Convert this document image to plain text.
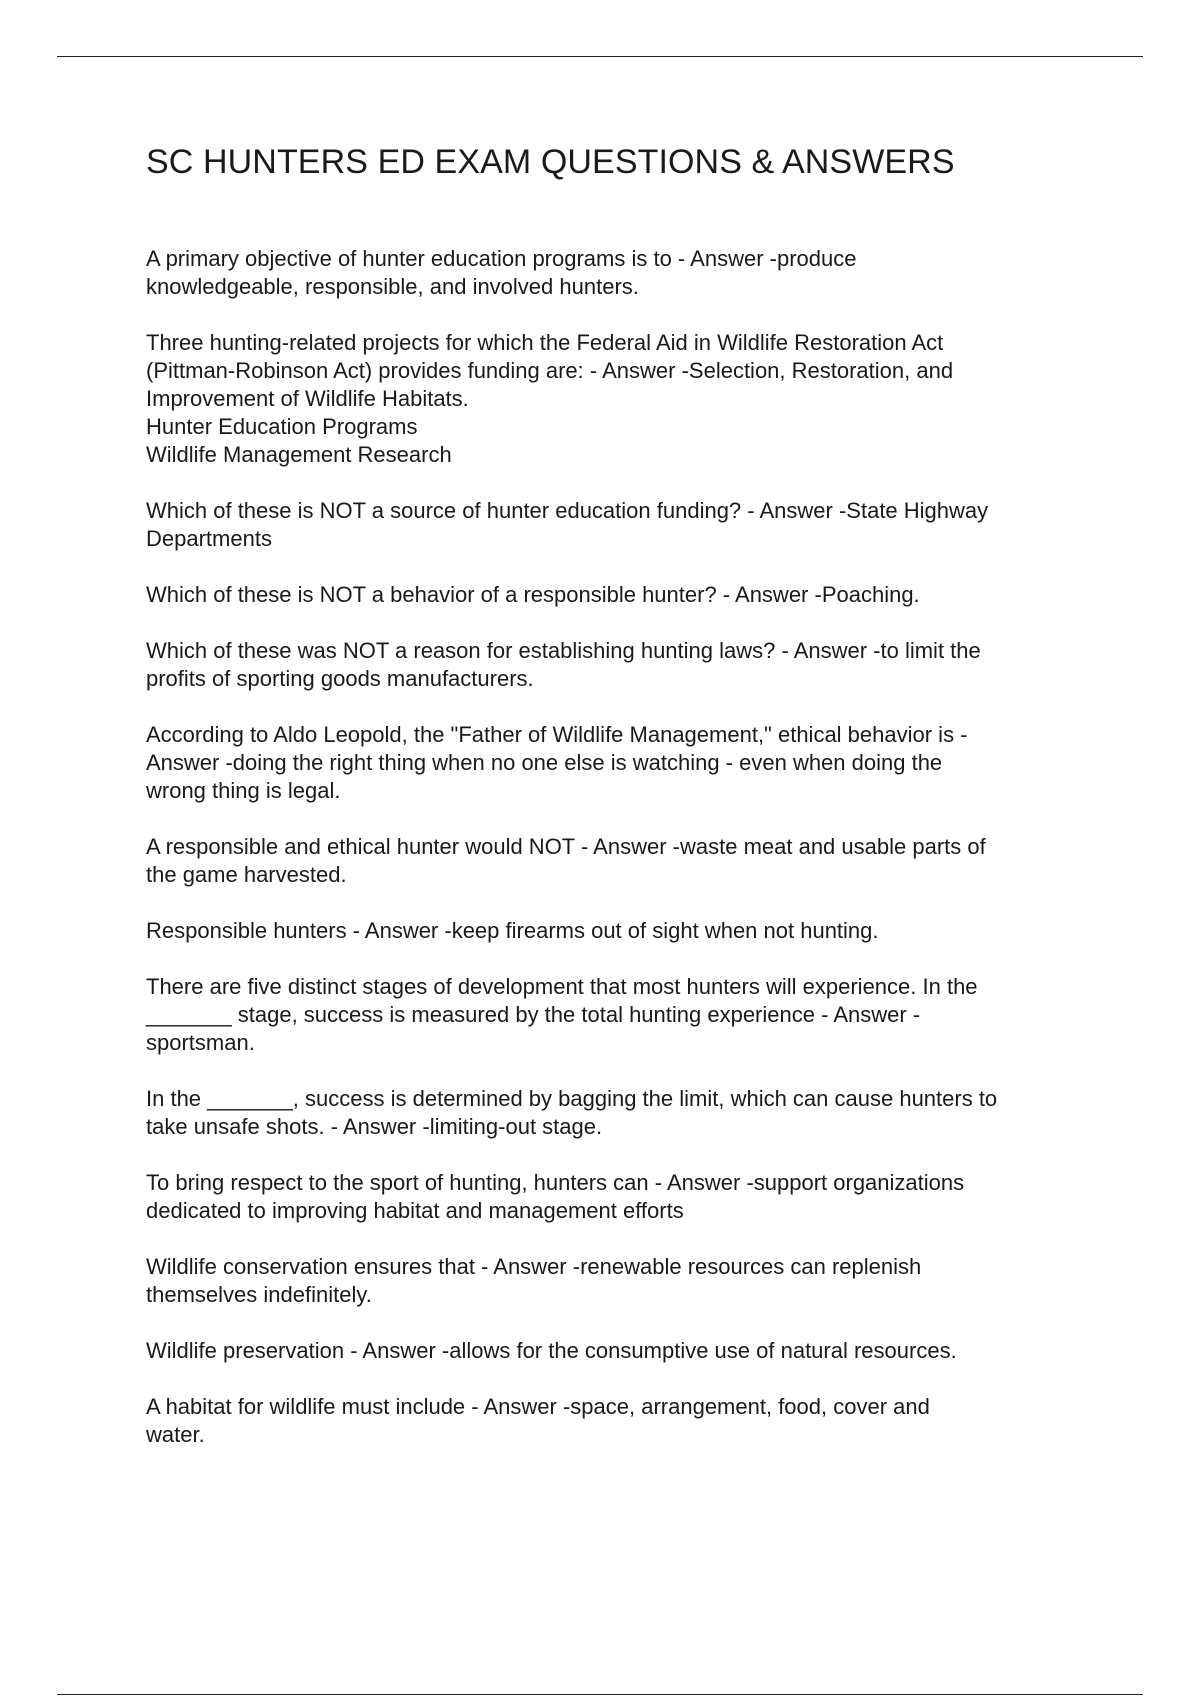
SC HUNTERS ED EXAM QUESTIONS & ANSWERS

A primary objective of hunter education programs is to - Answer -produce
knowledgeable, responsible, and involved hunters.

Three hunting-related projects for which the Federal Aid in Wildlife Restoration Act
(Pittman-Robinson Act) provides funding are: - Answer -Selection, Restoration, and
Improvement of Wildlife Habitats.
Hunter Education Programs
Wildlife Management Research

Which of these is NOT a source of hunter education funding? - Answer -State Highway
Departments

Which of these is NOT a behavior of a responsible hunter? - Answer -Poaching.

Which of these was NOT a reason for establishing hunting laws? - Answer -to limit the
profits of sporting goods manufacturers.

According to Aldo Leopold, the "Father of Wildlife Management," ethical behavior is -
Answer -doing the right thing when no one else is watching - even when doing the
wrong thing is legal.

A responsible and ethical hunter would NOT - Answer -waste meat and usable parts of
the game harvested.

Responsible hunters - Answer -keep firearms out of sight when not hunting.

There are five distinct stages of development that most hunters will experience. In the
_______ stage, success is measured by the total hunting experience - Answer -
sportsman.

In the _______, success is determined by bagging the limit, which can cause hunters to
take unsafe shots. - Answer -limiting-out stage.

To bring respect to the sport of hunting, hunters can - Answer -support organizations
dedicated to improving habitat and management efforts

Wildlife conservation ensures that - Answer -renewable resources can replenish
themselves indefinitely.

Wildlife preservation - Answer -allows for the consumptive use of natural resources.

A habitat for wildlife must include - Answer -space, arrangement, food, cover and
water.
